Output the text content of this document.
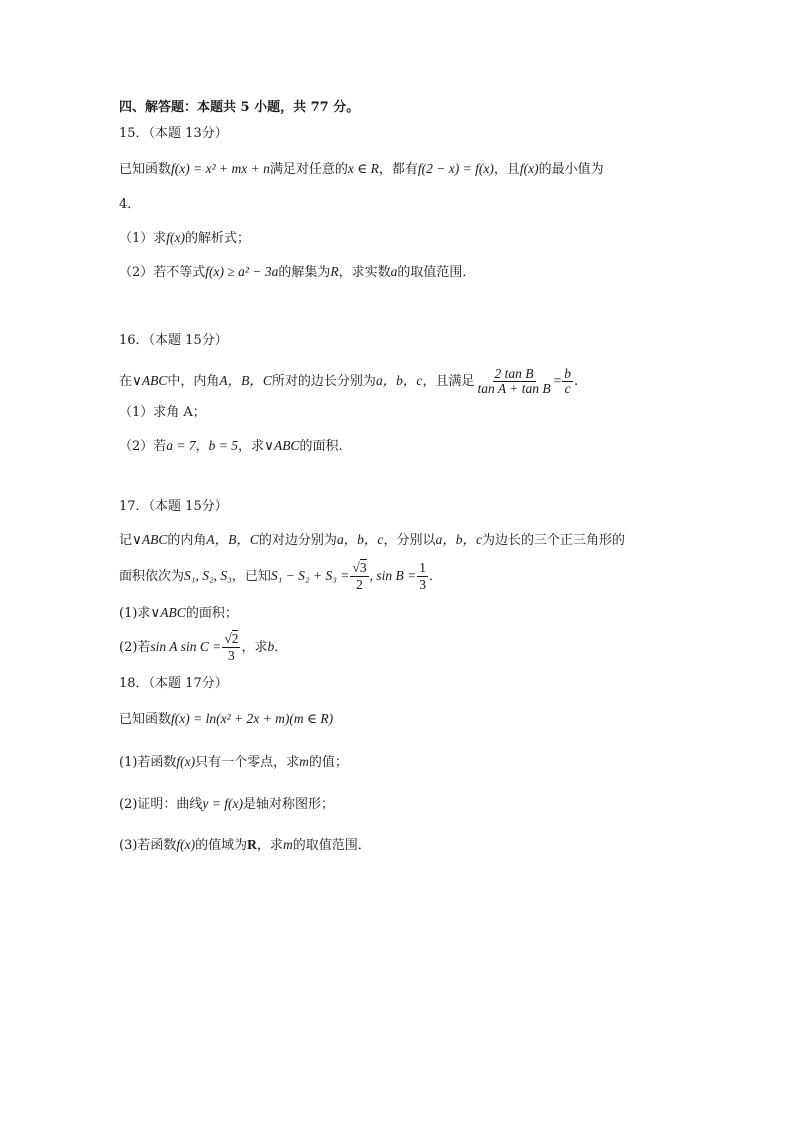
四、解答题：本题共 5 小题，共 77 分。
15．（本题 13分）
已知函数f(x) = x² + mx + n满足对任意的x ∈ R，都有f(2 − x) = f(x)，且f(x)的最小值为
4．
（1）求f(x)的解析式；
（2）若不等式f(x) ≥ a² − 3a的解集为R，求实数a的取值范围．
16．（本题 15分）
在∨ABC中，内角A，B，C所对的边长分别为a，b，c，且满足 $\frac{\text{2 tan B}}{\text{tan A + tan B}} = \frac{b}{c}$ .
（1）求角 A；
（2）若a = 7，b = 5，求∨ABC的面积.
17．（本题 15分）
记∨ABC的内角A，B，C的对边分别为a，b，c，分别以a，b，c为边长的三个正三角形的
面积依次为S₁, S₂, S₃，已知$S_1 - S_2 + S_3 = \frac{√3}{2}$ , $\sin B = \frac{1}{3}$ ．
(1)求∨ABC的面积；
(2)若sin A $\sin C = \frac{√2}{3}$ ，求b．
18．（本题 17分）
已知函数f(x) = ln(x² + 2x + m)(m ∈ R)
(1)若函数f(x)只有一个零点，求m的值；
(2)证明：曲线y = f(x)是轴对称图形；
(3)若函数f(x)的值域为R，求m的取值范围．
